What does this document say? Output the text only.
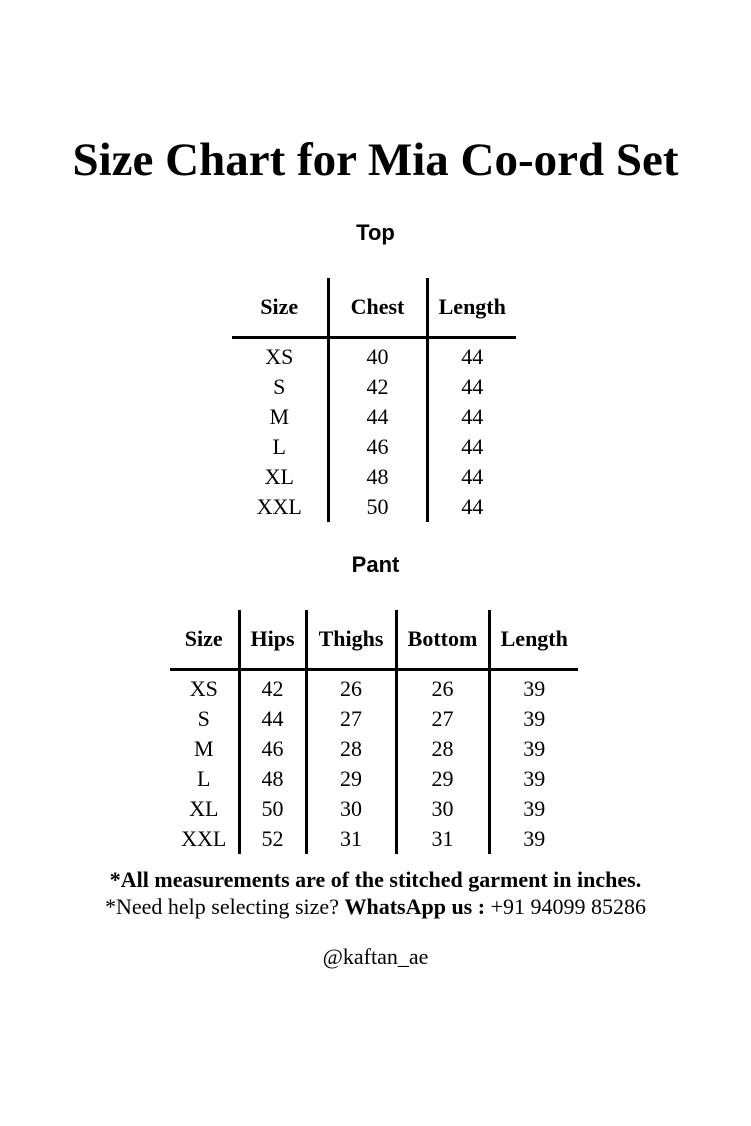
Size Chart for Mia Co-ord Set
Top
Size	Chest	Length
XS	40	44
S	42	44
M	44	44
L	46	44
XL	48	44
XXL	50	44
Pant
Size	Hips	Thighs	Bottom	Length
XS	42	26	26	39
S	44	27	27	39
M	46	28	28	39
L	48	29	29	39
XL	50	30	30	39
XXL	52	31	31	39
*All measurements are of the stitched garment in inches.
*Need help selecting size? WhatsApp us : +91 94099 85286
@kaftan_ae
